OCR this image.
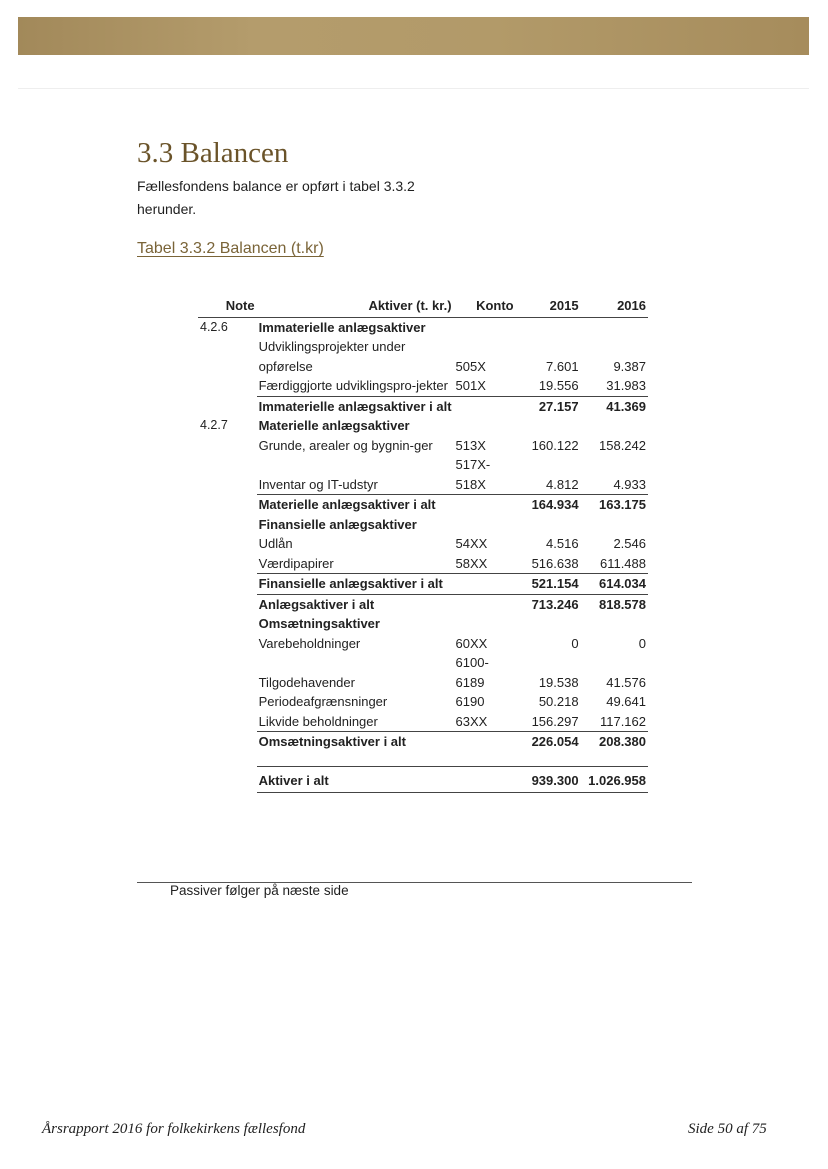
3.3 Balancen
Fællesfondens balance er opført i tabel 3.3.2 herunder.
Tabel 3.3.2 Balancen (t.kr)
Note	Aktiver (t. kr.)	Konto	2015	2016
4.2.6	Immaterielle anlægsaktiver			
	Udviklingsprojekter under opførelse	505X	7.601	9.387
	Færdiggjorte udviklingspro-jekter	501X	19.556	31.983
	Immaterielle anlægsaktiver i alt		27.157	41.369
4.2.7	Materielle anlægsaktiver			
	Grunde, arealer og bygnin-ger	513X	160.122	158.242
	Inventar og IT-udstyr	517X-518X	4.812	4.933
	Materielle anlægsaktiver i alt		164.934	163.175
	Finansielle anlægsaktiver			
	Udlån	54XX	4.516	2.546
	Værdipapirer	58XX	516.638	611.488
	Finansielle anlægsaktiver i alt		521.154	614.034
	Anlægsaktiver i alt		713.246	818.578
	Omsætningsaktiver			
	Varebeholdninger	60XX	0	0
	Tilgodehavender	6100-6189	19.538	41.576
	Periodeafgrænsninger	6190	50.218	49.641
	Likvide beholdninger	63XX	156.297	117.162
	Omsætningsaktiver i alt		226.054	208.380

	Aktiver i alt		939.300	1.026.958
Passiver følger på næste side
Årsrapport 2016 for folkekirkens fællesfond	Side 50 af 75
